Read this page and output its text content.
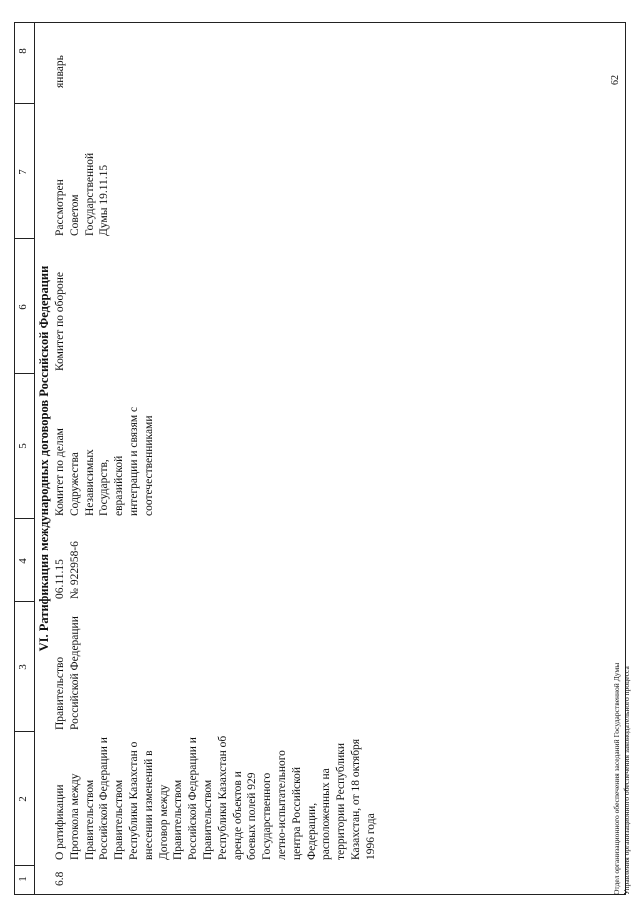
1
2
3
4
5
6
7
8
VI. Ратификация международных договоров Российской Федерации
6.8
О ратификации
Протокола между
Правительством
Российской Федерации и
Правительством
Республики Казахстан о
внесении изменений в
Договор между
Правительством
Российской Федерации и
Правительством
Республики Казахстан об
аренде объектов и
боевых полей 929
Государственного
летно-испытательного
центра Российской
Федерации,
расположенных на
территории Республики
Казахстан, от 18 октября
1996 года
Правительство
Российской Федерации
06.11.15
№ 922958-6
Комитет по делам
Содружества
Независимых
Государств,
евразийской
интеграции и связям с
соотечественниками
Комитет по обороне
Рассмотрен
Советом
Государственной
Думы 19.11.15
январь
Отдел организационного обеспечения заседаний Государственной Думы Управления организационного обеспечения законодательного процесса
62
